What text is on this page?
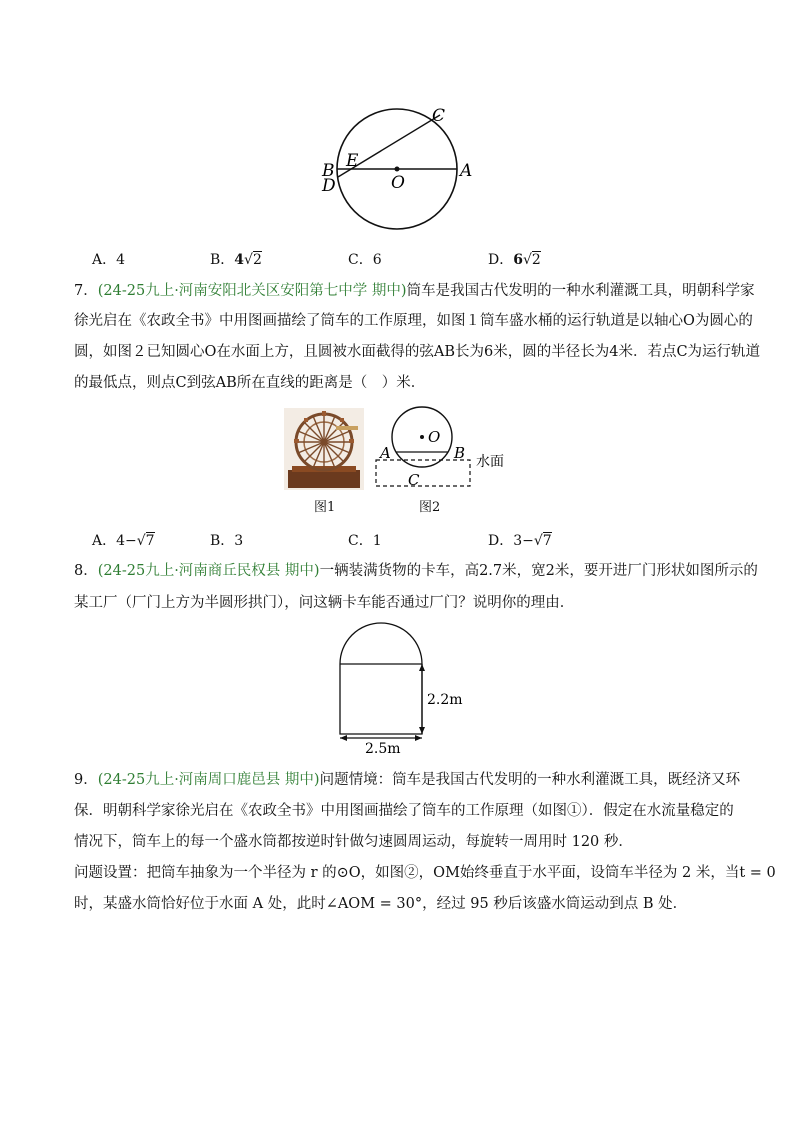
C
E
B
D	O
A
A．4	B．4√2	C．6	D．6√2
7．(24-25九上·河南安阳北关区安阳第七中学 期中)筒车是我国古代发明的一种水利灌溉工具，明朝科学家
徐光启在《农政全书》中用图画描绘了筒车的工作原理，如图１筒车盛水桶的运行轨道是以轴心O为圆心的
圆，如图２已知圆心O在水面上方，且圆被水面截得的弦AB长为6米，圆的半径长为4米．若点C为运行轨道
的最低点，则点C到弦AB所在直线的距离是（　）米．
O
A	B
C
水面
图1	图2
A．4−√7	B．3	C．1	D．3−√7
8．(24-25九上·河南商丘民权县 期中)一辆装满货物的卡车，高2.7米，宽2米，要开进厂门形状如图所示的
某工厂（厂门上方为半圆形拱门），问这辆卡车能否通过厂门？说明你的理由．
2.2m
2.5m
9．(24-25九上·河南周口鹿邑县 期中)问题情境：筒车是我国古代发明的一种水利灌溉工具，既经济又环
保．明朝科学家徐光启在《农政全书》中用图画描绘了筒车的工作原理（如图①）．假定在水流量稳定的
情况下，筒车上的每一个盛水筒都按逆时针做匀速圆周运动，每旋转一周用时 120 秒．
问题设置：把筒车抽象为一个半径为 r 的⊙O，如图②，OM始终垂直于水平面，设筒车半径为 2 米，当t = 0
时，某盛水筒恰好位于水面 A 处，此时∠AOM = 30°，经过 95 秒后该盛水筒运动到点 B 处．
